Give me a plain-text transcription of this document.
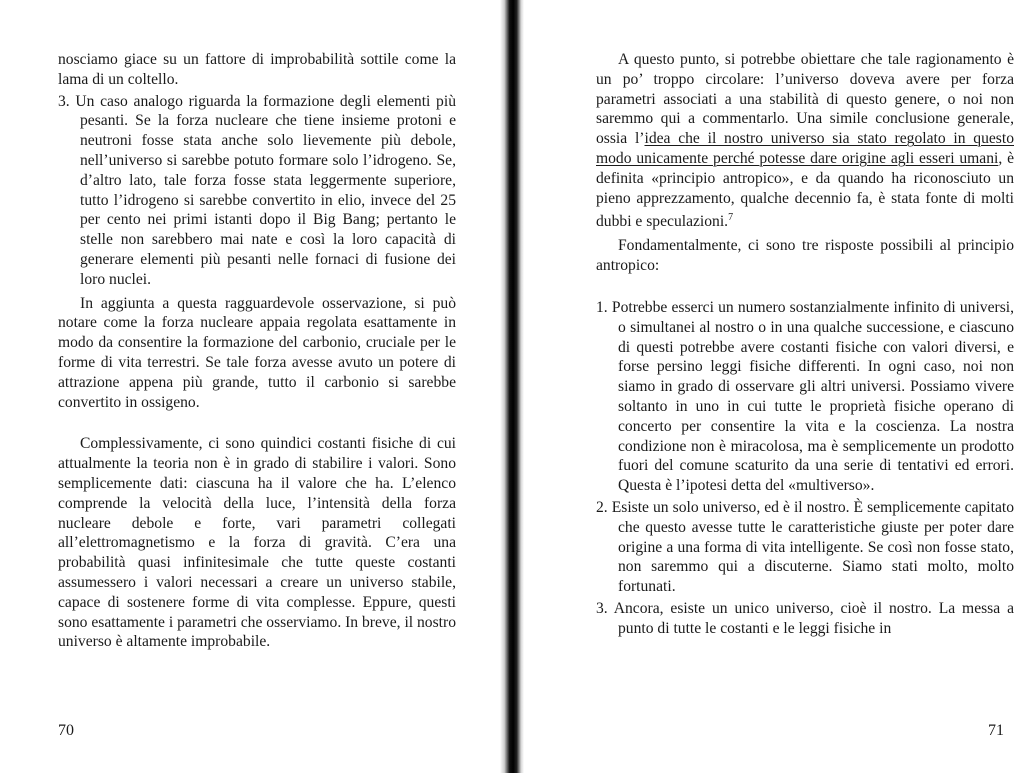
nosciamo giace su un fattore di improbabilità sottile come la lama di un coltello.

3. Un caso analogo riguarda la formazione degli elementi più pesanti. Se la forza nucleare che tiene insieme protoni e neutroni fosse stata anche solo lievemente più debole, nell’universo si sarebbe potuto formare solo l’idrogeno. Se, d’altro lato, tale forza fosse stata leggermente superiore, tutto l’idrogeno si sarebbe convertito in elio, invece del 25 per cento nei primi istanti dopo il Big Bang; pertanto le stelle non sarebbero mai nate e così la loro capacità di generare elementi più pesanti nelle fornaci di fusione dei loro nuclei.

In aggiunta a questa ragguardevole osservazione, si può notare come la forza nucleare appaia regolata esattamente in modo da consentire la formazione del carbonio, cruciale per le forme di vita terrestri. Se tale forza avesse avuto un potere di attrazione appena più grande, tutto il carbonio si sarebbe convertito in ossigeno.

Complessivamente, ci sono quindici costanti fisiche di cui attualmente la teoria non è in grado di stabilire i valori. Sono semplicemente dati: ciascuna ha il valore che ha. L’elenco comprende la velocità della luce, l’intensità della forza nucleare debole e forte, vari parametri collegati all’elettromagnetismo e la forza di gravità. C’era una probabilità quasi infinitesimale che tutte queste costanti assumessero i valori necessari a creare un universo stabile, capace di sostenere forme di vita complesse. Eppure, questi sono esattamente i parametri che osserviamo. In breve, il nostro universo è altamente improbabile.

70

A questo punto, si potrebbe obiettare che tale ragionamento è un po’ troppo circolare: l’universo doveva avere per forza parametri associati a una stabilità di questo genere, o noi non saremmo qui a commentarlo. Una simile conclusione generale, ossia l’idea che il nostro universo sia stato regolato in questo modo unicamente perché potesse dare origine agli esseri umani, è definita «principio antropico», e da quando ha riconosciuto un pieno apprezzamento, qualche decennio fa, è stata fonte di molti dubbi e speculazioni.$^7$

Fondamentalmente, ci sono tre risposte possibili al principio antropico:

1. Potrebbe esserci un numero sostanzialmente infinito di universi, o simultanei al nostro o in una qualche successione, e ciascuno di questi potrebbe avere costanti fisiche con valori diversi, e forse persino leggi fisiche differenti. In ogni caso, noi non siamo in grado di osservare gli altri universi. Possiamo vivere soltanto in uno in cui tutte le proprietà fisiche operano di concerto per consentire la vita e la coscienza. La nostra condizione non è miracolosa, ma è semplicemente un prodotto fuori del comune scaturito da una serie di tentativi ed errori. Questa è l’ipotesi detta del «multiverso».

2. Esiste un solo universo, ed è il nostro. È semplicemente capitato che questo avesse tutte le caratteristiche giuste per poter dare origine a una forma di vita intelligente. Se così non fosse stato, non saremmo qui a discuterne. Siamo stati molto, molto fortunati.

3. Ancora, esiste un unico universo, cioè il nostro. La messa a punto di tutte le costanti e le leggi fisiche in

71
